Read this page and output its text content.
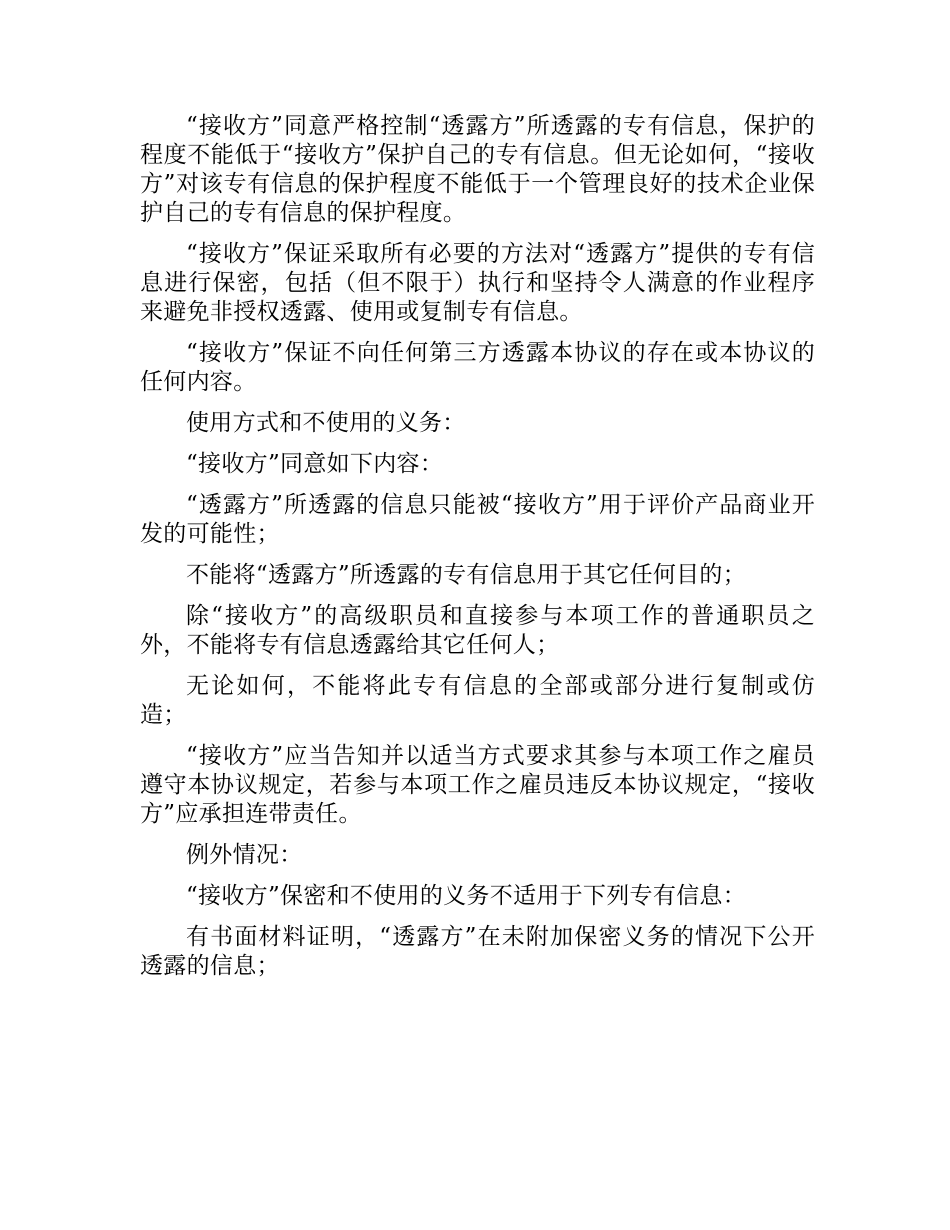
“接收方”同意严格控制“透露方”所透露的专有信息，保护的程度不能低于“接收方”保护自己的专有信息。但无论如何，“接收方”对该专有信息的保护程度不能低于一个管理良好的技术企业保护自己的专有信息的保护程度。

“接收方”保证采取所有必要的方法对“透露方”提供的专有信息进行保密，包括（但不限于）执行和坚持令人满意的作业程序来避免非授权透露、使用或复制专有信息。

“接收方”保证不向任何第三方透露本协议的存在或本协议的任何内容。

使用方式和不使用的义务：

“接收方”同意如下内容：

“透露方”所透露的信息只能被“接收方”用于评价产品商业开发的可能性；

不能将“透露方”所透露的专有信息用于其它任何目的；

除“接收方”的高级职员和直接参与本项工作的普通职员之外，不能将专有信息透露给其它任何人；

无论如何，不能将此专有信息的全部或部分进行复制或仿造；

“接收方”应当告知并以适当方式要求其参与本项工作之雇员遵守本协议规定，若参与本项工作之雇员违反本协议规定，“接收方”应承担连带责任。

例外情况：

“接收方”保密和不使用的义务不适用于下列专有信息：

有书面材料证明，“透露方”在未附加保密义务的情况下公开透露的信息；
